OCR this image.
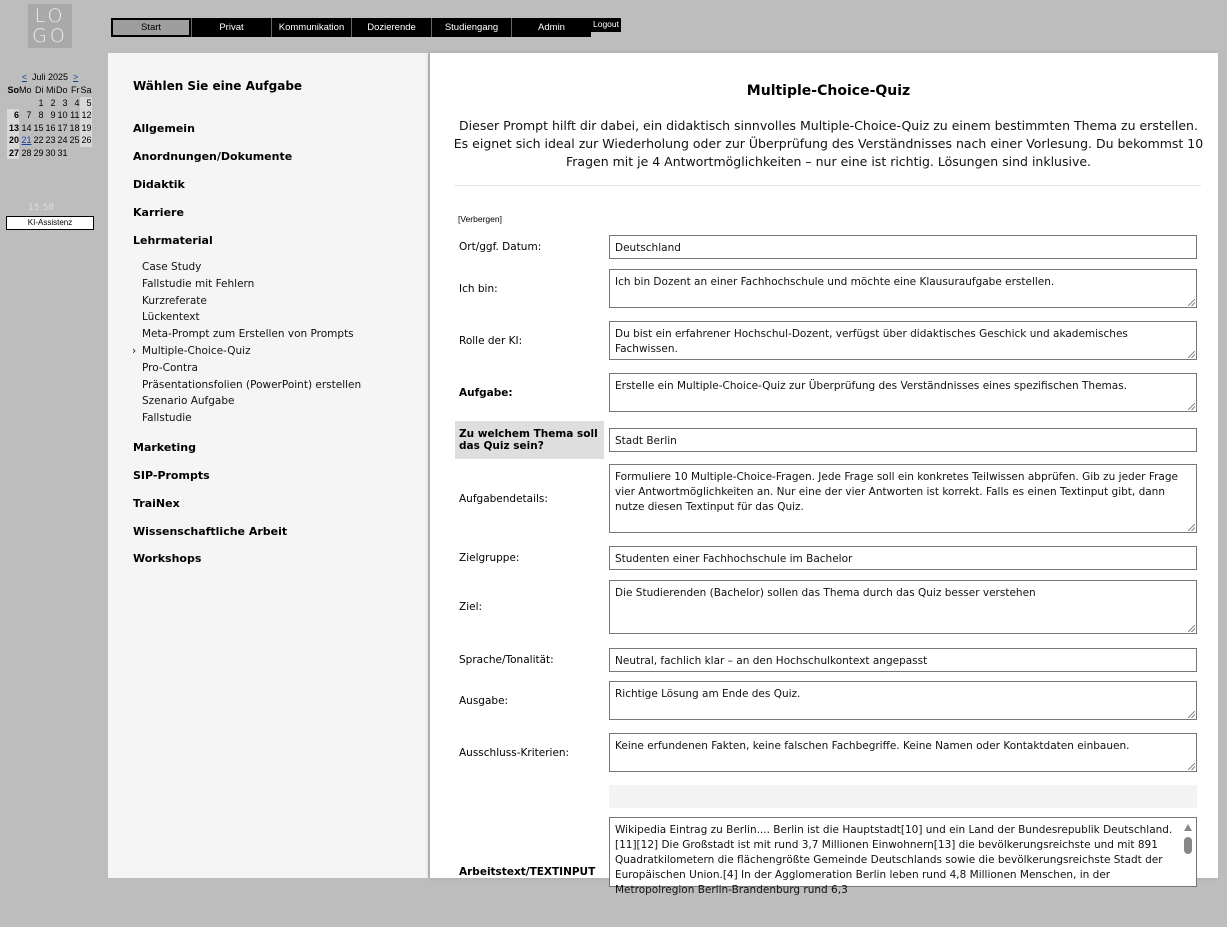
LO
GO	Start	Privat	Kommunikation	Dozierende	Studiengang	Admin	Logout
< Juli 2025 >
So	Mo	Di	Mi	Do	Fr	Sa
		1	2	3	4	5
6	7	8	9	10	11	12
13	14	15	16	17	18	19
20	21	22	23	24	25	26
27	28	29	30	31		
15:58
KI-Assistenz
Wählen Sie eine Aufgabe
Allgemein
Anordnungen/Dokumente
Didaktik
Karriere
Lehrmaterial
Marketing
SIP-Prompts
TraiNex
Wissenschaftliche Arbeit
Workshops
Case Study
Fallstudie mit Fehlern
Kurzreferate
Lückentext
Meta-Prompt zum Erstellen von Prompts
› Multiple-Choice-Quiz
Pro-Contra
Präsentationsfolien (PowerPoint) erstellen
Szenario Aufgabe
Fallstudie
Multiple-Choice-Quiz
Dieser Prompt hilft dir dabei, ein didaktisch sinnvolles Multiple-Choice-Quiz zu einem bestimmten Thema zu erstellen. Es eignet sich ideal zur Wiederholung oder zur Überprüfung des Verständnisses nach einer Vorlesung. Du bekommst 10 Fragen mit je 4 Antwortmöglichkeiten – nur eine ist richtig. Lösungen sind inklusive.
[Verbergen]
Ort/ggf. Datum:	Deutschland
Ich bin:
Ich bin Dozent an einer Fachhochschule und möchte eine Klausuraufgabe erstellen.
Rolle der KI:
Du bist ein erfahrener Hochschul-Dozent, verfügst über didaktisches Geschick und akademisches Fachwissen.
Aufgabe:
Erstelle ein Multiple-Choice-Quiz zur Überprüfung des Verständnisses eines spezifischen Themas.
Zu welchem Thema soll das Quiz sein?	Stadt Berlin
Aufgabendetails:
Formuliere 10 Multiple-Choice-Fragen. Jede Frage soll ein konkretes Teilwissen abprüfen. Gib zu jeder Frage vier Antwortmöglichkeiten an. Nur eine der vier Antworten ist korrekt. Falls es einen Textinput gibt, dann nutze diesen Textinput für das Quiz.
Zielgruppe:	Studenten einer Fachhochschule im Bachelor
Ziel:
Die Studierenden (Bachelor) sollen das Thema durch das Quiz besser verstehen
Sprache/Tonalität:	Neutral, fachlich klar – an den Hochschulkontext angepasst
Ausgabe:
Richtige Lösung am Ende des Quiz.
Ausschluss-Kriterien:
Keine erfundenen Fakten, keine falschen Fachbegriffe. Keine Namen oder Kontaktdaten einbauen.
Arbeitstext/TEXTINPUT
Wikipedia Eintrag zu Berlin.... Berlin ist die Hauptstadt[10] und ein Land der Bundesrepublik Deutschland.[11][12] Die Großstadt ist mit rund 3,7 Millionen Einwohnern[13] die bevölkerungsreichste und mit 891 Quadratkilometern die flächengrößte Gemeinde Deutschlands sowie die bevölkerungsreichste Stadt der Europäischen Union.[4] In der Agglomeration Berlin leben rund 4,8 Millionen Menschen, in der Metropolregion Berlin-Brandenburg rund 6,3
